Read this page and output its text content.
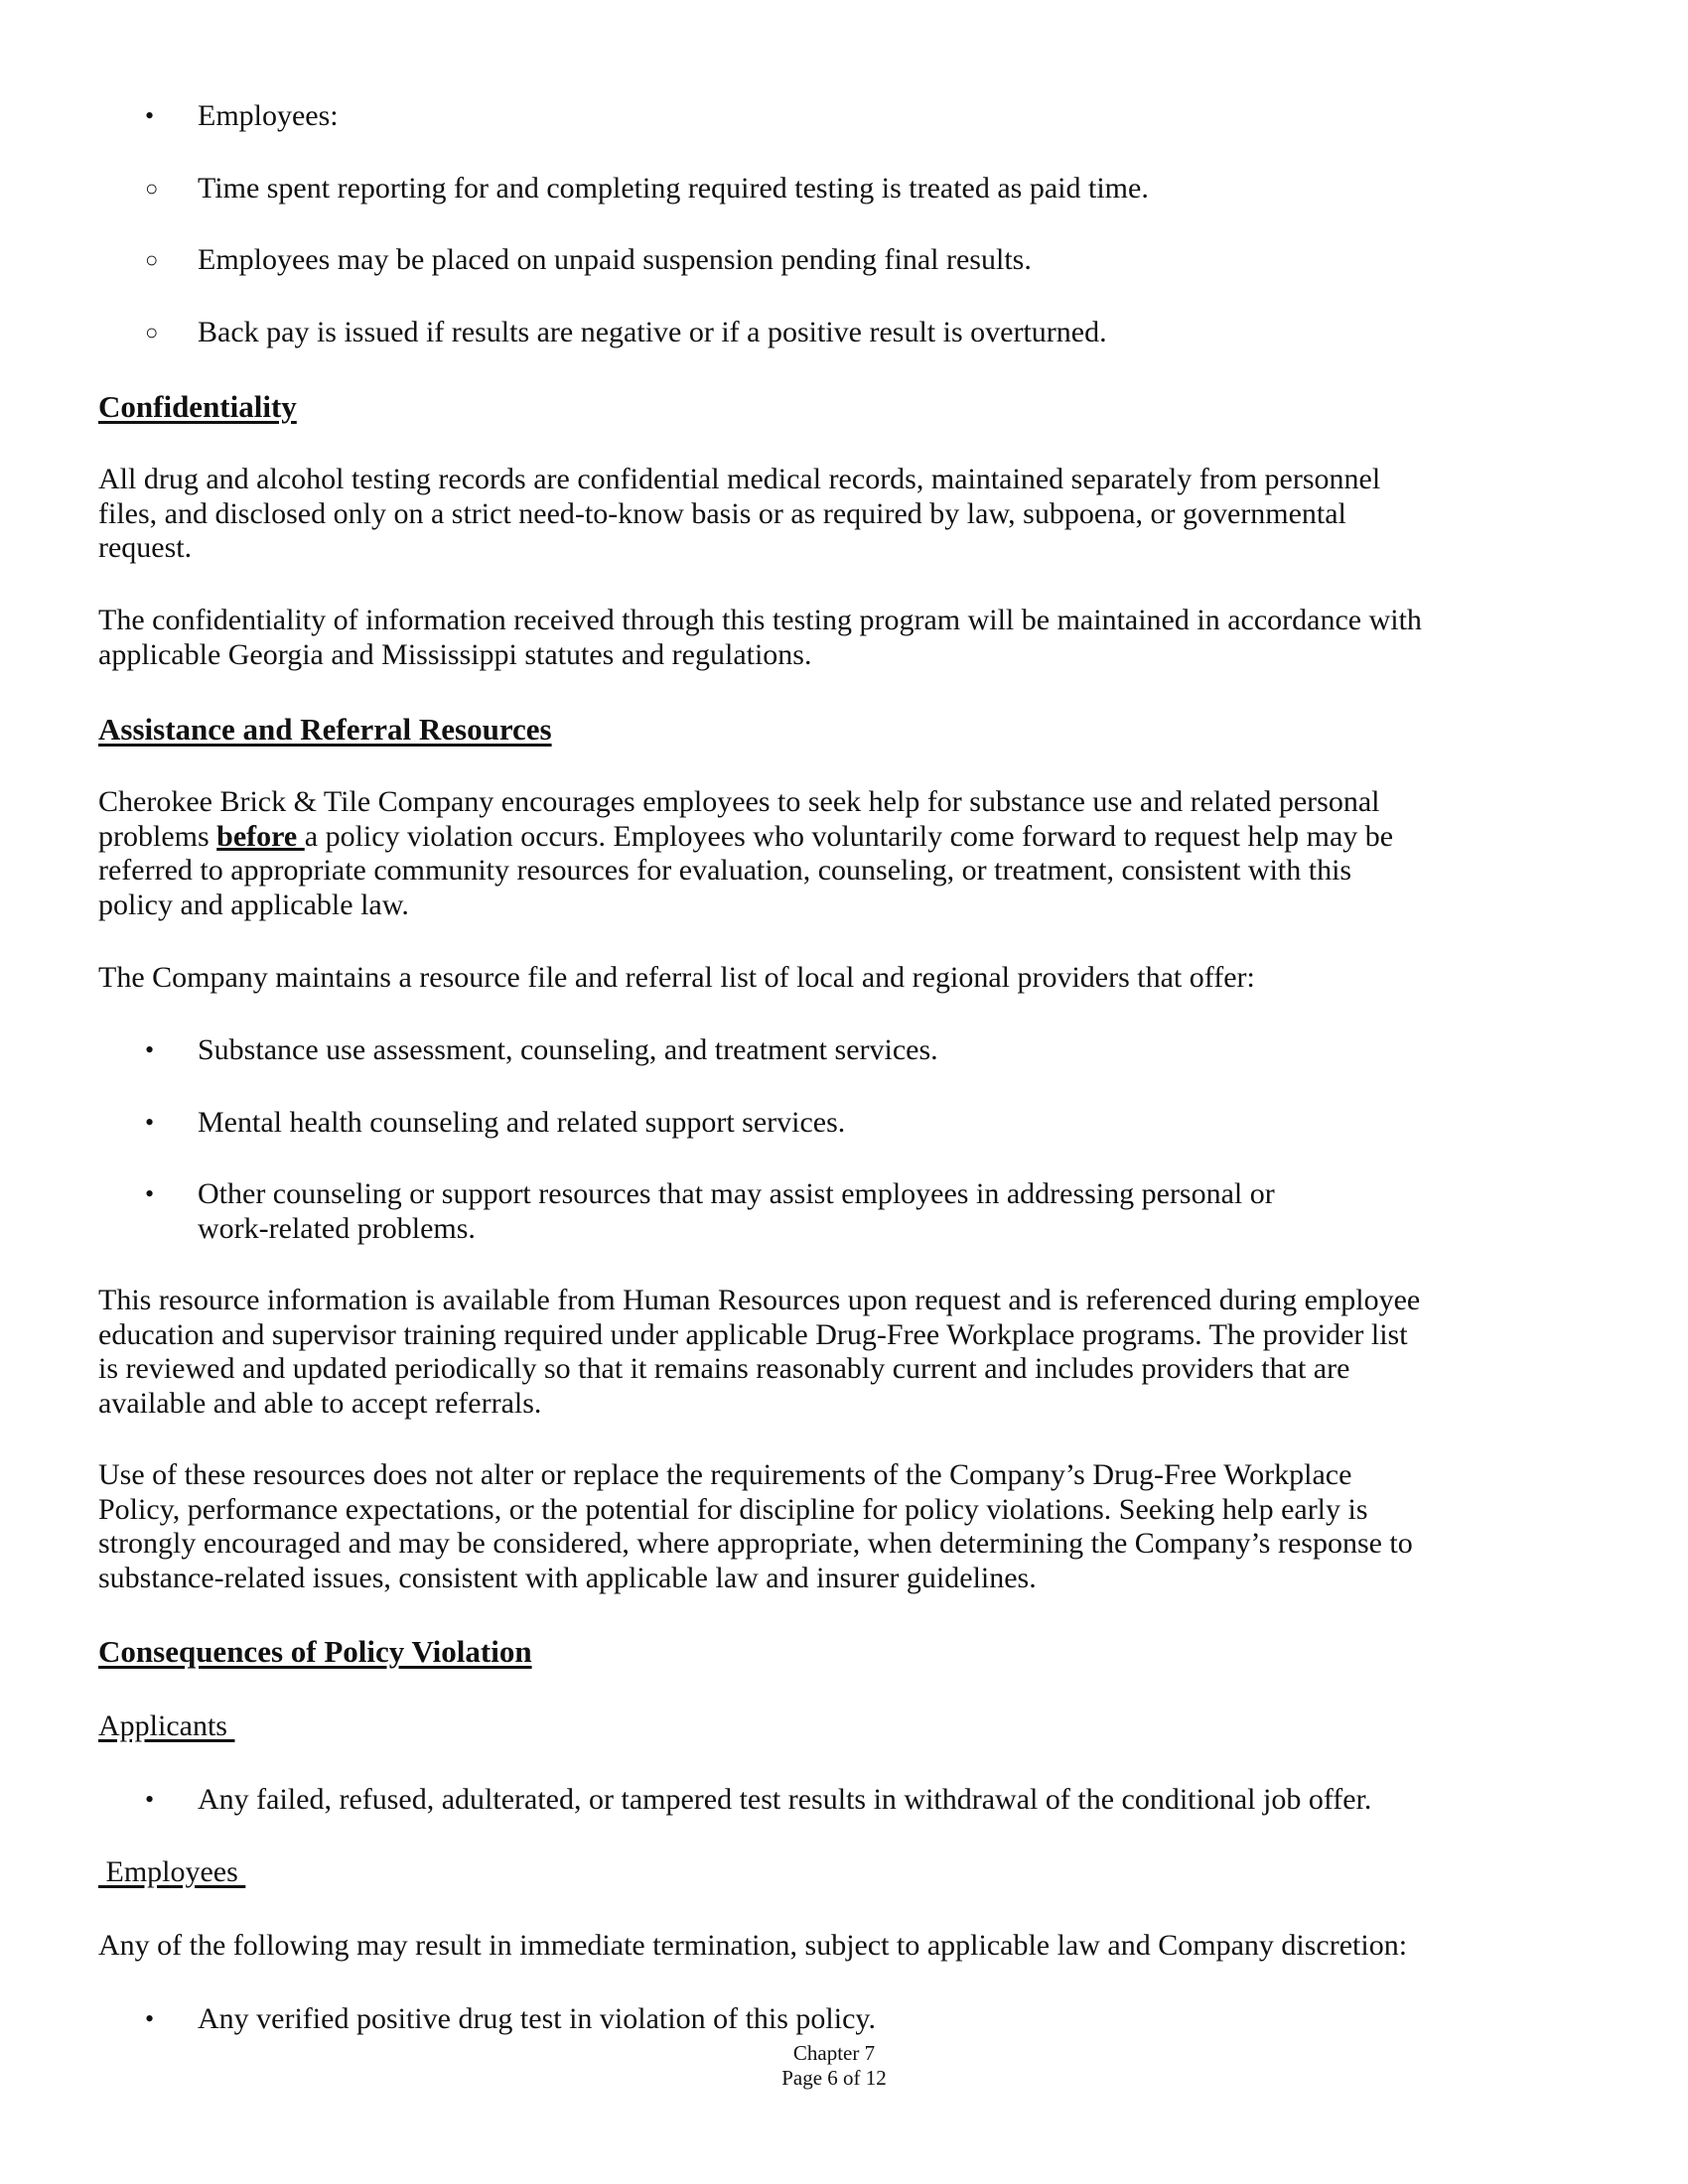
• Employees:
○ Time spent reporting for and completing required testing is treated as paid time.
○ Employees may be placed on unpaid suspension pending final results.
○ Back pay is issued if results are negative or if a positive result is overturned.
Confidentiality
All drug and alcohol testing records are confidential medical records, maintained separately from personnel
files, and disclosed only on a strict need-to-know basis or as required by law, subpoena, or governmental
request.
The confidentiality of information received through this testing program will be maintained in accordance with
applicable Georgia and Mississippi statutes and regulations.
Assistance and Referral Resources
Cherokee Brick & Tile Company encourages employees to seek help for substance use and related personal
problems before a policy violation occurs. Employees who voluntarily come forward to request help may be
referred to appropriate community resources for evaluation, counseling, or treatment, consistent with this
policy and applicable law.
The Company maintains a resource file and referral list of local and regional providers that offer:
• Substance use assessment, counseling, and treatment services.
• Mental health counseling and related support services.
• Other counseling or support resources that may assist employees in addressing personal or
work-related problems.
This resource information is available from Human Resources upon request and is referenced during employee
education and supervisor training required under applicable Drug-Free Workplace programs. The provider list
is reviewed and updated periodically so that it remains reasonably current and includes providers that are
available and able to accept referrals.
Use of these resources does not alter or replace the requirements of the Company’s Drug-Free Workplace
Policy, performance expectations, or the potential for discipline for policy violations. Seeking help early is
strongly encouraged and may be considered, where appropriate, when determining the Company’s response to
substance-related issues, consistent with applicable law and insurer guidelines.
Consequences of Policy Violation
Applicants
• Any failed, refused, adulterated, or tampered test results in withdrawal of the conditional job offer.
Employees
Any of the following may result in immediate termination, subject to applicable law and Company discretion:
• Any verified positive drug test in violation of this policy.
Chapter 7
Page 6 of 12
